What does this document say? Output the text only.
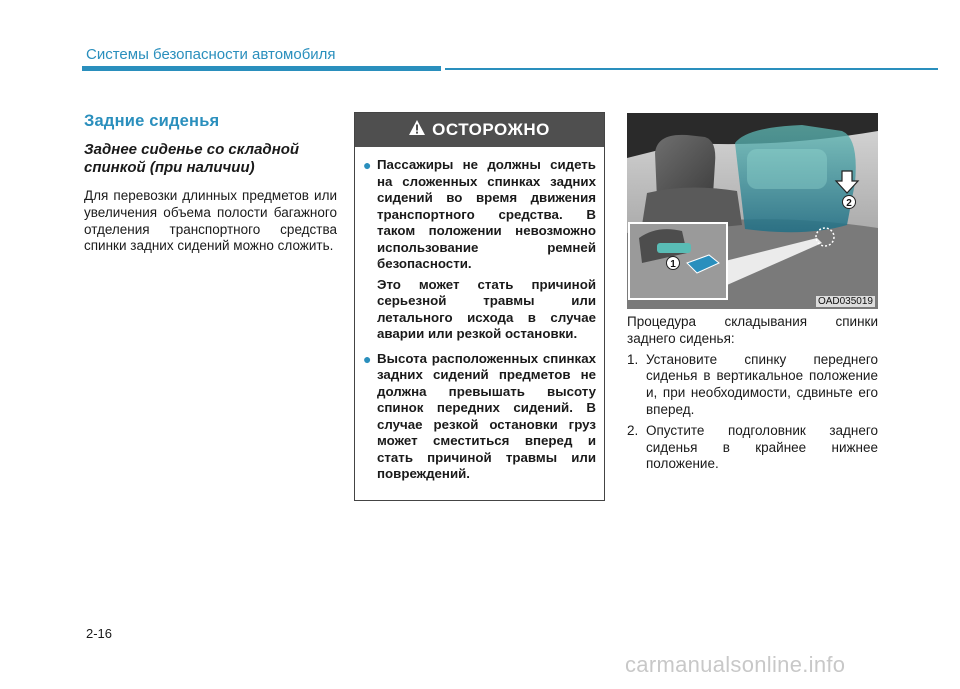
Системы безопасности автомобиля
Задние сиденья
Заднее сиденье со складной спинкой (при наличии)

Для перевозки длинных предметов или увеличения объема полости багажного отделения транспортного средства спинки задних сидений можно сложить.

ОСТОРОЖНО
● Пассажиры не должны сидеть на сложенных спинках задних сидений во время движения транспортного средства. В таком положении невозможно использование ремней безопасности.

Это может стать причиной серьезной травмы или летального исхода в случае аварии или резкой остановки.

● Высота расположенных спинках задних сидений предметов не должна превышать высоту спинок передних сидений. В случае резкой остановки груз может сместиться вперед и стать причиной травмы или повреждений.

2
1
OAD035019

Процедура складывания спинки заднего сиденья:

1. Установите спинку переднего сиденья в вертикальное положение и, при необходимости, сдвиньте его вперед.
2. Опустите подголовник заднего сиденья в крайнее нижнее положение.
2-16
carmanualsonline.info
